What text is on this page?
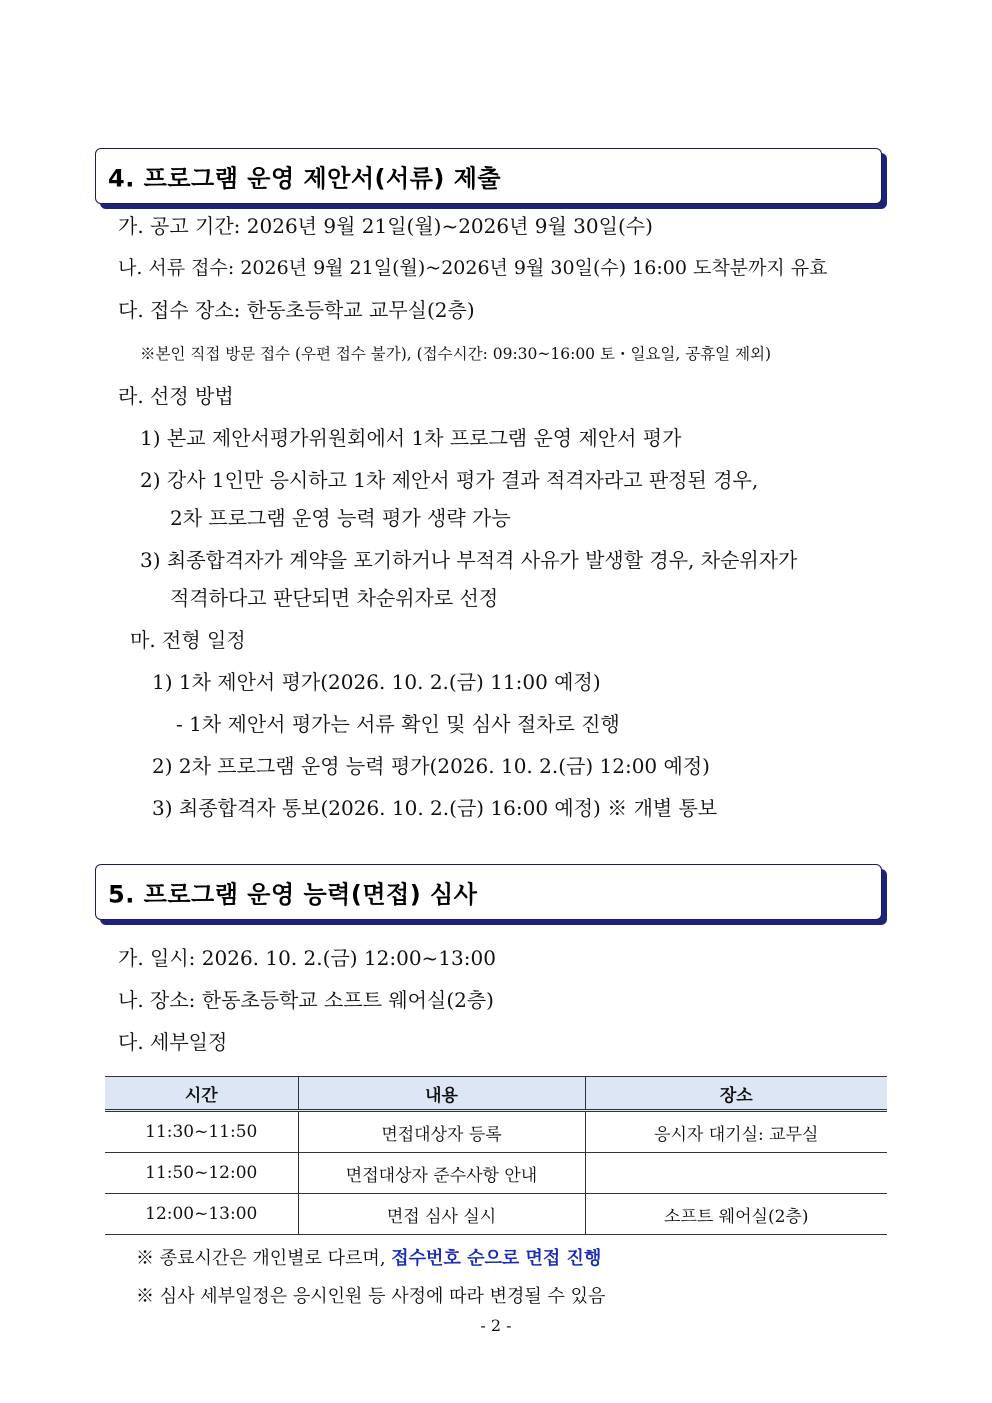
4. 프로그램 운영 제안서(서류) 제출
가. 공고 기간: 2026년 9월 21일(월)~2026년 9월 30일(수)
나. 서류 접수: 2026년 9월 21일(월)~2026년 9월 30일(수) 16:00 도착분까지 유효
다. 접수 장소: 한동초등학교 교무실(2층)
※본인 직접 방문 접수 (우편 접수 불가), (접수시간: 09:30~16:00 토・일요일, 공휴일 제외)
라. 선정 방법
1) 본교 제안서평가위원회에서 1차 프로그램 운영 제안서 평가
2) 강사 1인만 응시하고 1차 제안서 평가 결과 적격자라고 판정된 경우,
2차 프로그램 운영 능력 평가 생략 가능
3) 최종합격자가 계약을 포기하거나 부적격 사유가 발생할 경우, 차순위자가
적격하다고 판단되면 차순위자로 선정
마. 전형 일정
1) 1차 제안서 평가(2026. 10. 2.(금) 11:00 예정)
- 1차 제안서 평가는 서류 확인 및 심사 절차로 진행
2) 2차 프로그램 운영 능력 평가(2026. 10. 2.(금) 12:00 예정)
3) 최종합격자 통보(2026. 10. 2.(금) 16:00 예정) ※ 개별 통보
5. 프로그램 운영 능력(면접) 심사
가. 일시: 2026. 10. 2.(금) 12:00~13:00
나. 장소: 한동초등학교 소프트 웨어실(2층)
다. 세부일정
시간	내용	장소
11:30~11:50	면접대상자 등록	응시자 대기실: 교무실
11:50~12:00	면접대상자 준수사항 안내	
12:00~13:00	면접 심사 실시	소프트 웨어실(2층)
※ 종료시간은 개인별로 다르며, 접수번호 순으로 면접 진행
※ 심사 세부일정은 응시인원 등 사정에 따라 변경될 수 있음
- 2 -
